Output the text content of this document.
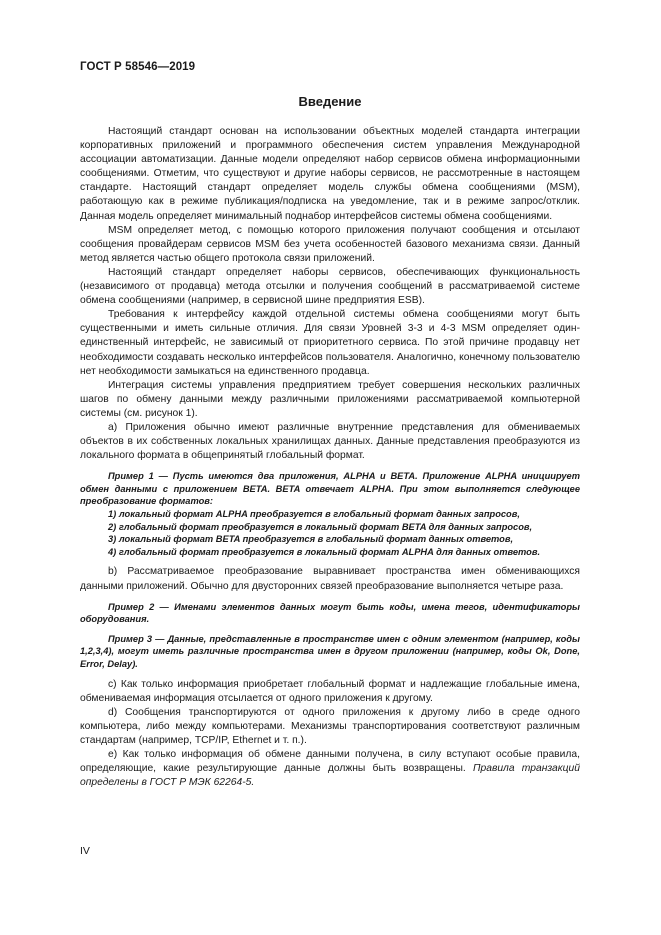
ГОСТ Р 58546—2019
Введение

Настоящий стандарт основан на использовании объектных моделей стандарта интеграции корпоративных приложений и программного обеспечения систем управления Международной ассоциации автоматизации. Данные модели определяют набор сервисов обмена информационными сообщениями. Отметим, что существуют и другие наборы сервисов, не рассмотренные в настоящем стандарте. Настоящий стандарт определяет модель службы обмена сообщениями (MSM), работающую как в режиме публикация/подписка на уведомление, так и в режиме запрос/отклик. Данная модель определяет минимальный поднабор интерфейсов системы обмена сообщениями.

MSM определяет метод, с помощью которого приложения получают сообщения и отсылают сообщения провайдерам сервисов MSM без учета особенностей базового механизма связи. Данный метод является частью общего протокола связи приложений.

Настоящий стандарт определяет наборы сервисов, обеспечивающих функциональность (независимого от продавца) метода отсылки и получения сообщений в рассматриваемой системе обмена сообщениями (например, в сервисной шине предприятия ESB).

Требования к интерфейсу каждой отдельной системы обмена сообщениями могут быть существенными и иметь сильные отличия. Для связи Уровней 3-3 и 4-3 MSM определяет один-единственный интерфейс, не зависимый от приоритетного сервиса. По этой причине продавцу нет необходимости создавать несколько интерфейсов пользователя. Аналогично, конечному пользователю нет необходимости замыкаться на единственного продавца.

Интеграция системы управления предприятием требует совершения нескольких различных шагов по обмену данными между различными приложениями рассматриваемой компьютерной системы (см. рисунок 1).

а) Приложения обычно имеют различные внутренние представления для обмениваемых объектов в их собственных локальных хранилищах данных. Данные представления преобразуются из локального формата в общепринятый глобальный формат.

Пример 1 — Пусть имеются два приложения, ALPHA и BETA. Приложение ALPHA инициирует обмен данными с приложением BETA. BETA отвечает ALPHA. При этом выполняется следующее преобразование форматов:

1) локальный формат ALPHA преобразуется в глобальный формат данных запросов,
2) глобальный формат преобразуется в локальный формат BETA для данных запросов,
3) локальный формат BETA преобразуется в глобальный формат данных ответов,
4) глобальный формат преобразуется в локальный формат ALPHA для данных ответов.

b) Рассматриваемое преобразование выравнивает пространства имен обменивающихся данными приложений. Обычно для двусторонних связей преобразование выполняется четыре раза.

Пример 2 — Именами элементов данных могут быть коды, имена тегов, идентификаторы оборудования.

Пример 3 — Данные, представленные в пространстве имен с одним элементом (например, коды 1,2,3,4), могут иметь различные пространства имен в другом приложении (например, коды Ok, Done, Error, Delay).

c) Как только информация приобретает глобальный формат и надлежащие глобальные имена, обмениваемая информация отсылается от одного приложения к другому.

d) Сообщения транспортируются от одного приложения к другому либо в среде одного компьютера, либо между компьютерами. Механизмы транспортирования соответствуют различным стандартам (например, TCP/IP, Ethernet и т. п.).

e) Как только информация об обмене данными получена, в силу вступают особые правила, определяющие, какие результирующие данные должны быть возвращены. Правила транзакций определены в ГОСТ Р МЭК 62264-5.

IV
